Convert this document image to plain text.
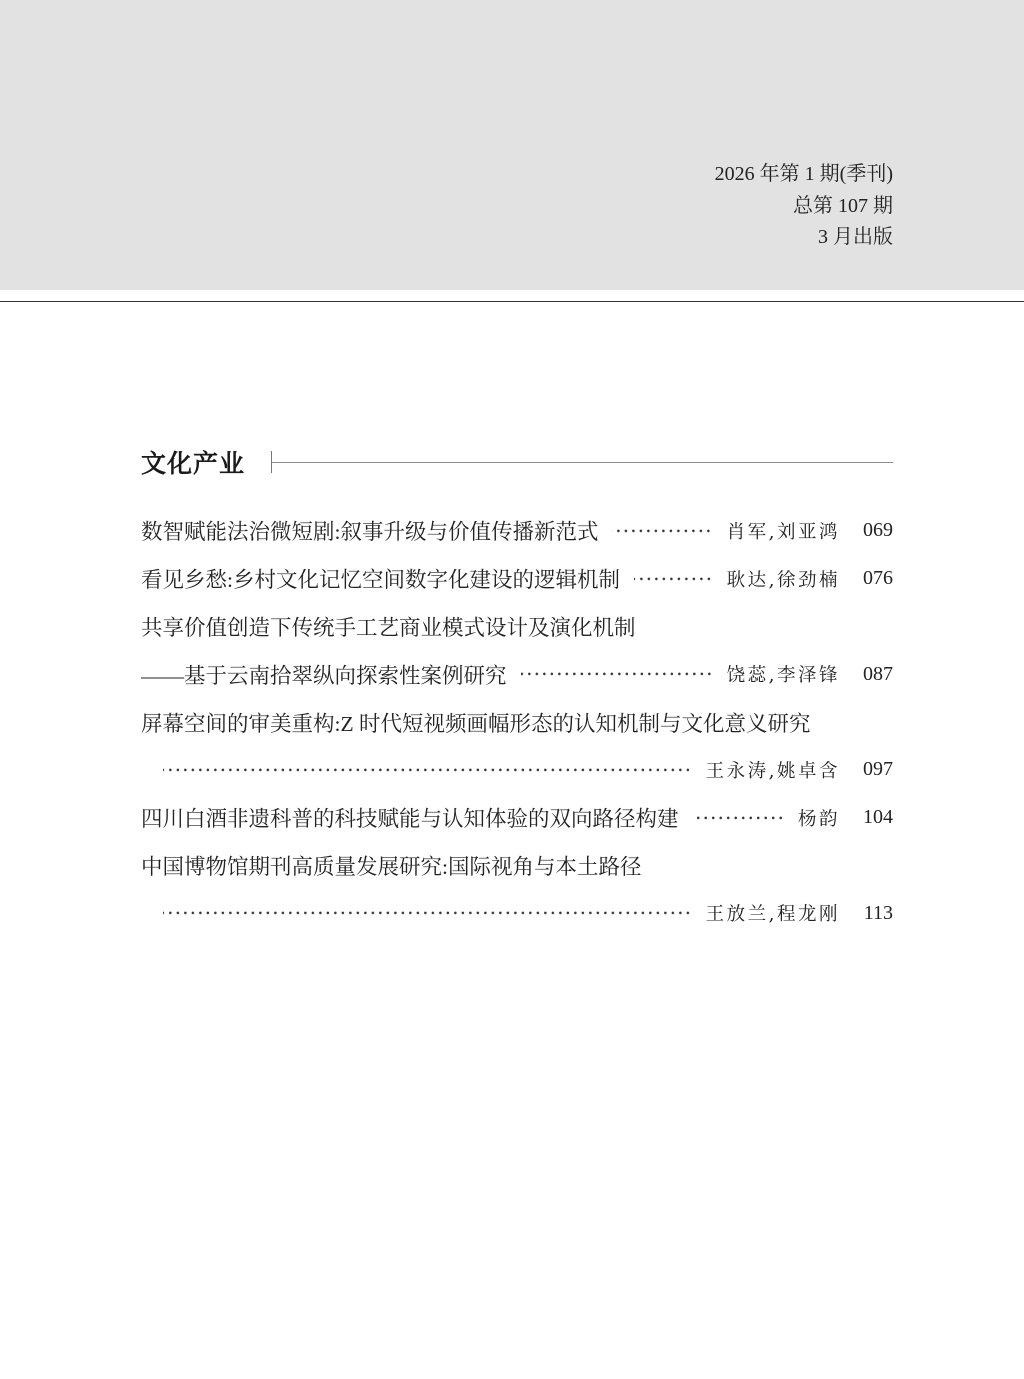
2026 年第 1 期(季刊)
总第 107 期
3 月出版
文化产业
数智赋能法治微短剧:叙事升级与价值传播新范式	肖军,刘亚鸿 069
看见乡愁:乡村文化记忆空间数字化建设的逻辑机制	耿达,徐劲楠 076
共享价值创造下传统手工艺商业模式设计及演化机制
——基于云南拾翠纵向探索性案例研究	饶蕊,李泽锋 087
屏幕空间的审美重构:Z 时代短视频画幅形态的认知机制与文化意义研究
王永涛,姚卓含 097
四川白酒非遗科普的科技赋能与认知体验的双向路径构建	杨韵 104
中国博物馆期刊高质量发展研究:国际视角与本土路径
王放兰,程龙刚 113
